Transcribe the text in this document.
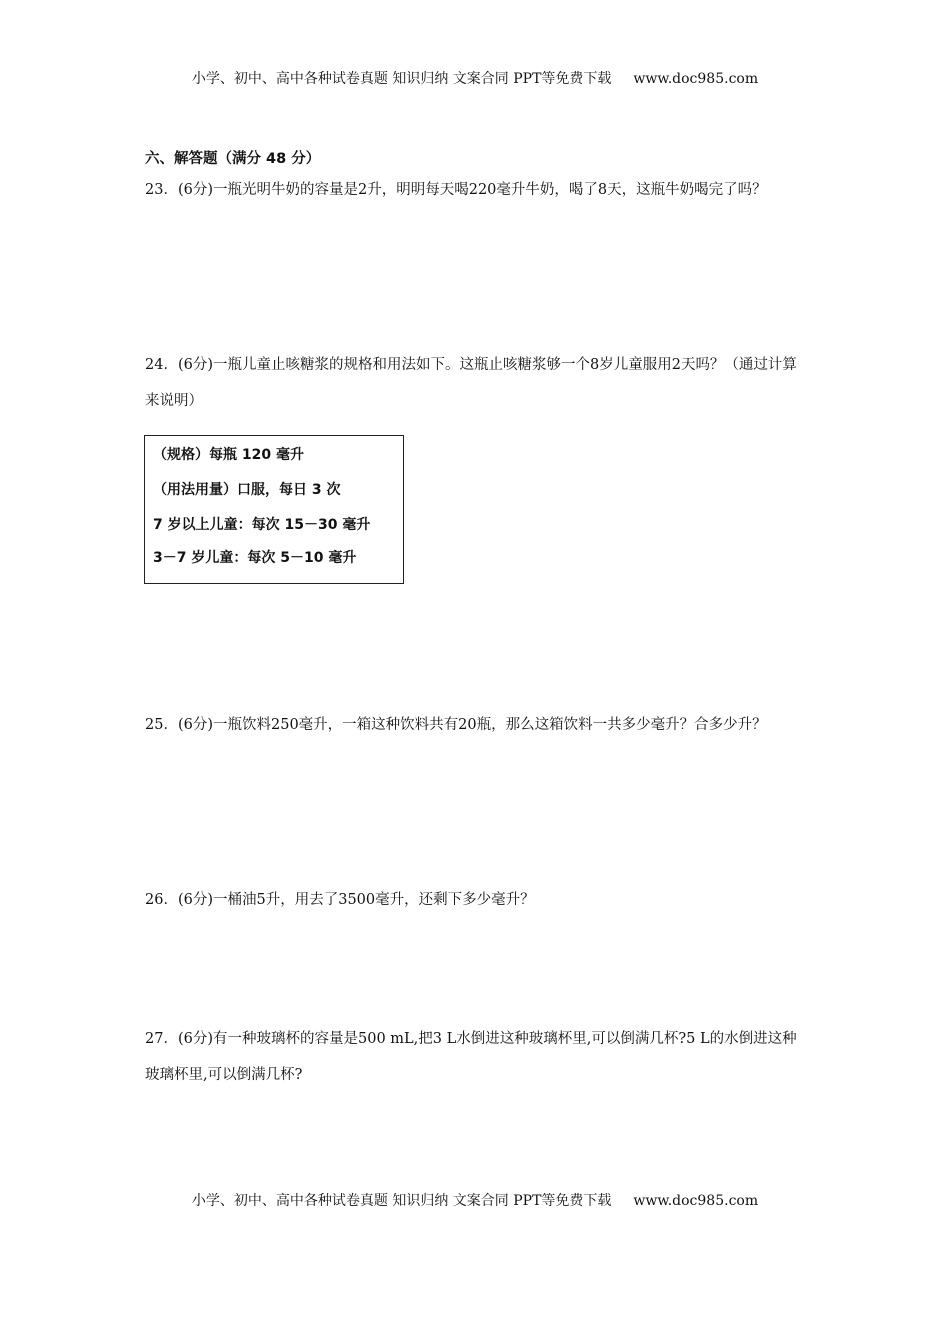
小学、初中、高中各种试卷真题 知识归纳 文案合同 PPT等免费下载 www.doc985.com
六、解答题（满分 48 分）
23．(6分)一瓶光明牛奶的容量是2升，明明每天喝220毫升牛奶，喝了8天，这瓶牛奶喝完了吗？
24．(6分)一瓶儿童止咳糖浆的规格和用法如下。这瓶止咳糖浆够一个8岁儿童服用2天吗？（通过计算来说明）
（规格）每瓶 120 毫升
（用法用量）口服，每日 3 次
7 岁以上儿童：每次 15－30 毫升
3－7 岁儿童：每次 5－10 毫升
25．(6分)一瓶饮料250毫升，一箱这种饮料共有20瓶，那么这箱饮料一共多少毫升？合多少升？
26．(6分)一桶油5升，用去了3500毫升，还剩下多少毫升？
27．(6分)有一种玻璃杯的容量是500 mL,把3 L水倒进这种玻璃杯里,可以倒满几杯?5 L的水倒进这种玻璃杯里,可以倒满几杯?
小学、初中、高中各种试卷真题 知识归纳 文案合同 PPT等免费下载 www.doc985.com
